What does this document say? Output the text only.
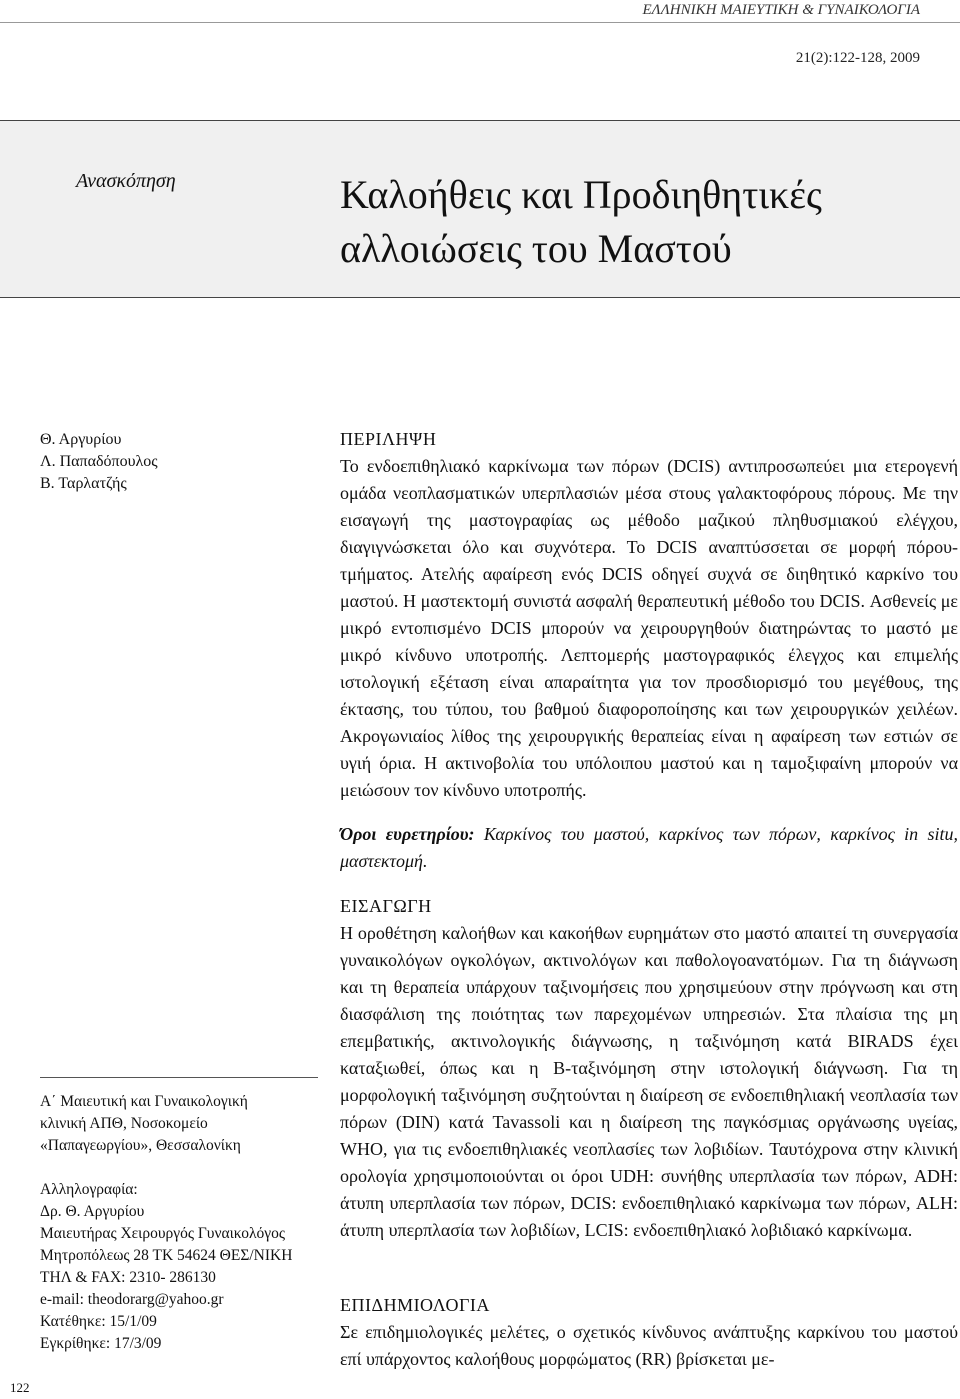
ΕΛΛΗΝΙΚΗ ΜΑΙΕΥΤΙΚΗ & ΓΥΝΑΙΚΟΛΟΓΙΑ
21(2):122-128, 2009
Ανασκόπηση	Καλοήθεις και Προδιηθητικές
αλλοιώσεις του Μαστού
Θ. Αργυρίου
Λ. Παπαδόπουλος
Β. Ταρλατζής
ΠΕΡΙΛΗΨΗ

Το ενδοεπιθηλιακό καρκίνωμα των πόρων (DCIS) αντιπροσωπεύει μια ετερογενή ομάδα νεοπλασματικών υπερπλασιών μέσα στους γαλακτοφόρους πόρους. Με την εισαγωγή της μαστογραφίας ως μέθοδο μαζικού πληθυσμιακού ελέγχου, διαγιγνώσκεται όλο και συχνότερα. Το DCIS αναπτύσσεται σε μορφή πόρου-τμήματος. Ατελής αφαίρεση ενός DCIS οδηγεί συχνά σε διηθητικό καρκίνο του μαστού. Η μαστεκτομή συνιστά ασφαλή θεραπευτική μέθοδο του DCIS. Ασθενείς με μικρό εντοπισμένο DCIS μπορούν να χειρουργηθούν διατηρώντας το μαστό με μικρό κίνδυνο υποτροπής. Λεπτομερής μαστογραφικός έλεγχος και επιμελής ιστολογική εξέταση είναι απαραίτητα για τον προσδιορισμό του μεγέθους, της έκτασης, του τύπου, του βαθμού διαφοροποίησης και των χειρουργικών χειλέων. Ακρογωνιαίος λίθος της χειρουργικής θεραπείας είναι η αφαίρεση των εστιών σε υγιή όρια. Η ακτινοβολία του υπόλοιπου μαστού και η ταμοξιφαίνη μπορούν να μειώσουν τον κίνδυνο υποτροπής.

Όροι ευρετηρίου: Καρκίνος του μαστού, καρκίνος των πόρων, καρκίνος in situ, μαστεκτομή.
ΕΙΣΑΓΩΓΗ

Η οροθέτηση καλοήθων και κακοήθων ευρημάτων στο μαστό απαιτεί τη συνεργασία γυναικολόγων ογκολόγων, ακτινολόγων και παθολογοανατόμων. Για τη διάγνωση και τη θεραπεία υπάρχουν ταξινομήσεις που χρησιμεύουν στην πρόγνωση και στη διασφάλιση της ποιότητας των παρεχομένων υπηρεσιών. Στα πλαίσια της μη επεμβατικής, ακτινολογικής διάγνωσης, η ταξινόμηση κατά BIRADS έχει καταξιωθεί, όπως και η B-ταξινόμηση στην ιστολογική διάγνωση. Για τη μορφολογική ταξινόμηση συζητούνται η διαίρεση σε ενδοεπιθηλιακή νεοπλασία των πόρων (DIN) κατά Tavassoli και η διαίρεση της παγκόσμιας οργάνωσης υγείας, WHO, για τις ενδοεπιθηλιακές νεοπλασίες των λοβιδίων. Ταυτόχρονα στην κλινική ορολογία χρησιμοποιούνται οι όροι UDH: συνήθης υπερπλασία των πόρων, ADH: άτυπη υπερπλασία των πόρων, DCIS: ενδοεπιθηλιακό καρκίνωμα των πόρων, ALH: άτυπη υπερπλασία των λοβιδίων, LCIS: ενδοεπιθηλιακό λοβιδιακό καρκίνωμα.

ΕΠΙΔΗΜΙΟΛΟΓΙΑ

Σε επιδημιολογικές μελέτες, ο σχετικός κίνδυνος ανάπτυξης καρκίνου του μαστού επί υπάρχοντος καλοήθους μορφώματος (RR) βρίσκεται με-

Α΄ Μαιευτική και Γυναικολογική
κλινική ΑΠΘ, Νοσοκομείο
«Παπαγεωργίου», Θεσσαλονίκη
Αλληλογραφία:
Δρ. Θ. Αργυρίου
Μαιευτήρας Χειρουργός Γυναικολόγος
Μητροπόλεως 28 ΤΚ 54624 ΘΕΣ/ΝΙΚΗ
ΤΗΛ & FAX: 2310- 286130
e-mail: theodorarg@yahoo.gr
Κατέθηκε: 15/1/09
Εγκρίθηκε: 17/3/09
122
